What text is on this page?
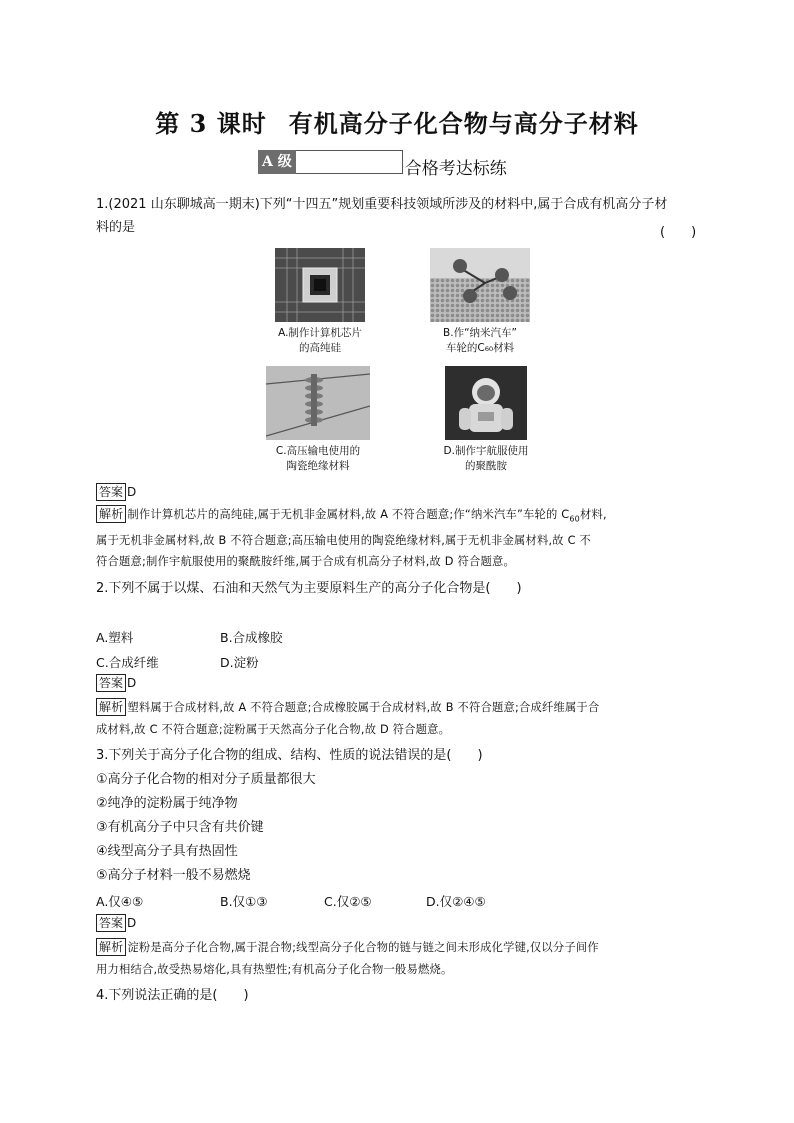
第 3 课时 有机高分子化合物与高分子材料
A 级	合格考达标练
1.(2021 山东聊城高一期末)下列“十四五”规划重要科技领域所涉及的材料中,属于合成有机高分子材
料的是	(　　)
A.制作计算机芯片
的高纯硅
B.作“纳米汽车”
车轮的C₆₀材料
C.高压输电使用的
陶瓷绝缘材料
D.制作宇航服使用
的聚酰胺
答案 D
解析 制作计算机芯片的高纯硅,属于无机非金属材料,故 A 不符合题意;作“纳米汽车”车轮的 $C_{60}$材料,
属于无机非金属材料,故 B 不符合题意;高压输电使用的陶瓷绝缘材料,属于无机非金属材料,故 C 不
符合题意;制作宇航服使用的聚酰胺纤维,属于合成有机高分子材料,故 D 符合题意。
2.下列不属于以煤、石油和天然气为主要原料生产的高分子化合物是(　　)
A.塑料	B.合成橡胶
C.合成纤维	D.淀粉
答案 D
解析 塑料属于合成材料,故 A 不符合题意;合成橡胶属于合成材料,故 B 不符合题意;合成纤维属于合
成材料,故 C 不符合题意;淀粉属于天然高分子化合物,故 D 符合题意。
3.下列关于高分子化合物的组成、结构、性质的说法错误的是(　　)
①高分子化合物的相对分子质量都很大
②纯净的淀粉属于纯净物
③有机高分子中只含有共价键
④线型高分子具有热固性
⑤高分子材料一般不易燃烧
A.仅④⑤	B.仅①③	C.仅②⑤	D.仅②④⑤
答案 D
解析 淀粉是高分子化合物,属于混合物;线型高分子化合物的链与链之间未形成化学键,仅以分子间作
用力相结合,故受热易熔化,具有热塑性;有机高分子化合物一般易燃烧。
4.下列说法正确的是(　　)
